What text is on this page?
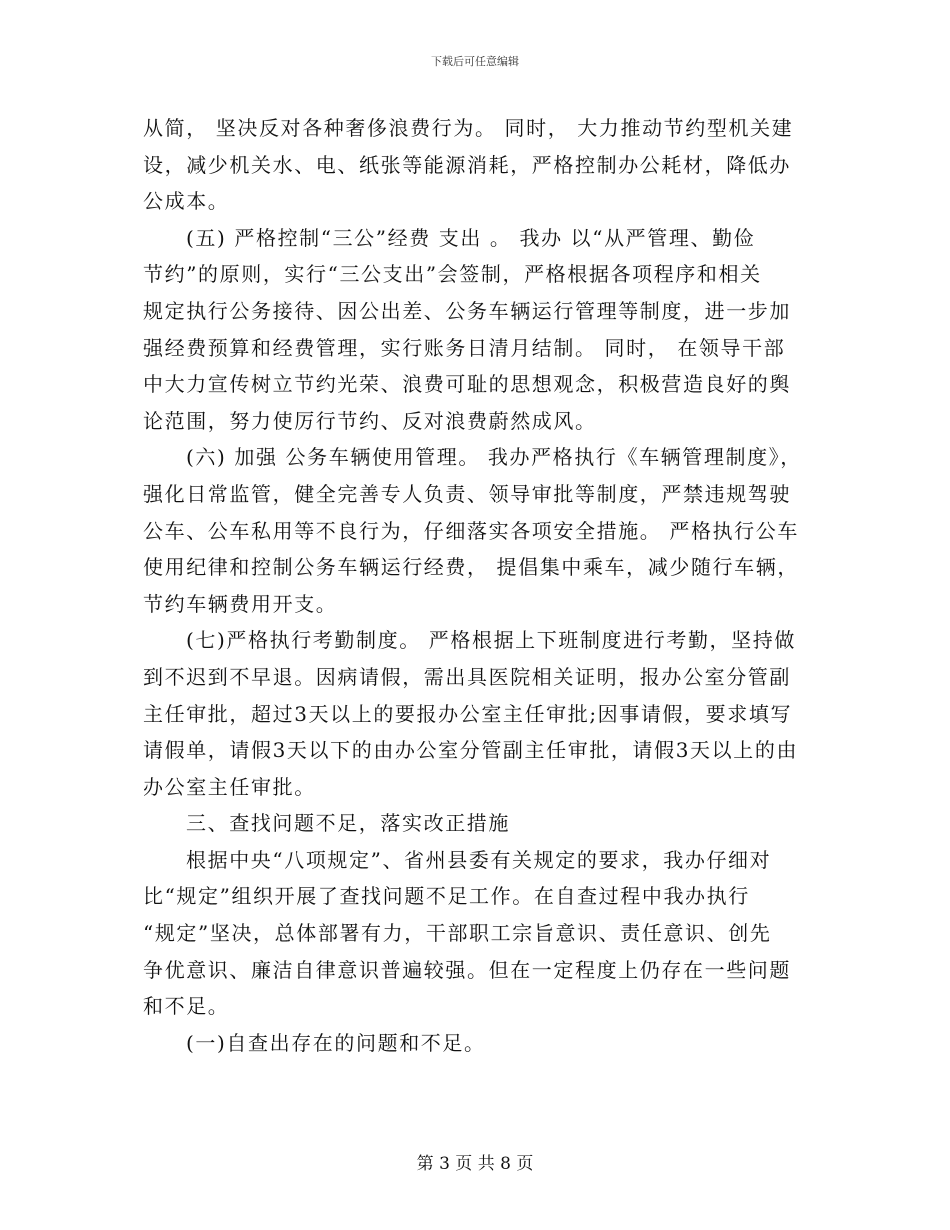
下载后可任意编辑
从简， 坚决反对各种奢侈浪费行为。 同时， 大力推动节约型机关建
设，减少机关水、电、纸张等能源消耗，严格控制办公耗材，降低办
公成本。
(五) 严格控制“三公”经费 支出 。 我办 以“从严管理、勤俭
节约”的原则，实行“三公支出”会签制，严格根据各项程序和相关
规定执行公务接待、因公出差、公务车辆运行管理等制度，进一步加
强经费预算和经费管理，实行账务日清月结制。 同时， 在领导干部
中大力宣传树立节约光荣、浪费可耻的思想观念，积极营造良好的舆
论范围，努力使厉行节约、反对浪费蔚然成风。
(六) 加强 公务车辆使用管理。 我办严格执行《车辆管理制度》，
强化日常监管，健全完善专人负责、领导审批等制度，严禁违规驾驶
公车、公车私用等不良行为，仔细落实各项安全措施。 严格执行公车
使用纪律和控制公务车辆运行经费， 提倡集中乘车，减少随行车辆，
节约车辆费用开支。
(七)严格执行考勤制度。 严格根据上下班制度进行考勤，坚持做
到不迟到不早退。因病请假，需出具医院相关证明，报办公室分管副
主任审批，超过3天以上的要报办公室主任审批;因事请假，要求填写
请假单，请假3天以下的由办公室分管副主任审批，请假3天以上的由
办公室主任审批。
三、查找问题不足，落实改正措施
根据中央“八项规定”、省州县委有关规定的要求，我办仔细对
比“规定”组织开展了查找问题不足工作。在自查过程中我办执行
“规定”坚决，总体部署有力，干部职工宗旨意识、责任意识、创先
争优意识、廉洁自律意识普遍较强。但在一定程度上仍存在一些问题
和不足。
(一)自查出存在的问题和不足。
第 3 页 共 8 页
